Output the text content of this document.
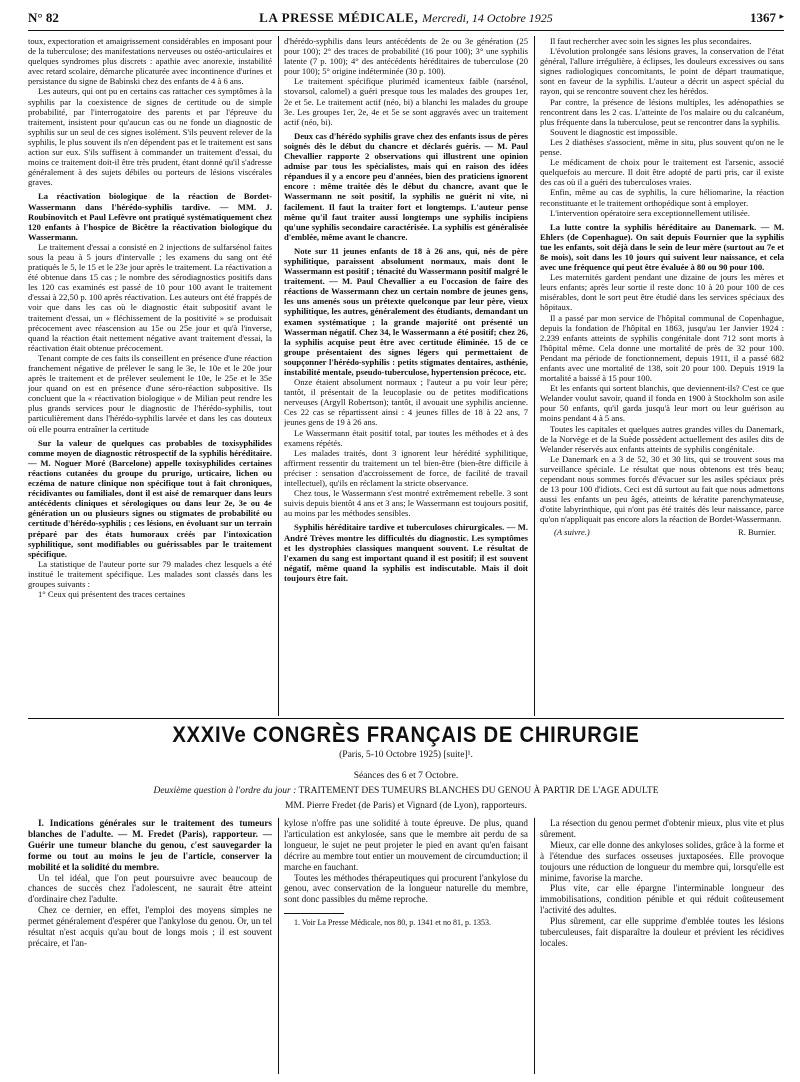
N° 82	LA PRESSE MÉDICALE, Mercredi, 14 Octobre 1925	1367 ▸

toux, expectoration et amaigrissement considérables en imposant pour de la tuberculose; des manifestations nerveuses ou ostéo-articulaires et quelques syndromes plus discrets : apathie avec anorexie, instabilité avec retard scolaire, démarche plicaturée avec incontinence d'urines et persistance du signe de Babinski chez des enfants de 4 à 6 ans.

Les auteurs, qui ont pu en certains cas rattacher ces symptômes à la syphilis par la coexistence de signes de certitude ou de simple probabilité, par l'interrogatoire des parents et par l'épreuve du traitement, insistent pour qu'aucun cas ou ne fonde un diagnostic de syphilis sur un seul de ces signes isolément. S'ils peuvent relever de la syphilis, le plus souvent ils n'en dépendent pas et le traitement est sans action sur eux. S'ils suffisent à commander un traitement d'essai, du moins ce traitement doit-il être très prudent, étant donné qu'il s'adresse généralement à des sujets débiles ou porteurs de lésions viscérales graves.

La réactivation biologique de la réaction de Bordet-Wassermann dans l'hérédo-syphilis tardive. — MM. J. Roubinovitch et Paul Lefèvre ont pratiqué systématiquement chez 120 enfants à l'hospice de Bicêtre la réactivation biologique du Wassermann.

Le traitement d'essai a consisté en 2 injections de sulfarsénol faites sous la peau à 5 jours d'intervalle ; les examens du sang ont été pratiqués le 5, le 15 et le 23e jour après le traitement. La réactivation a été obtenue dans 15 cas ; le nombre des sérodiagnostics positifs dans les 120 cas examinés est passé de 10 pour 100 avant le traitement d'essai à 22,50 p. 100 après réactivation. Les auteurs ont été frappés de voir que dans les cas où le diagnostic était subpositif avant le traitement d'essai, un « fléchissement de la positivité » se produisait précocement avec réascension au 15e ou 25e jour et qu'à l'inverse, quand la réaction était nettement négative avant traitement d'essai, la réactivation était obtenue précocement.

Tenant compte de ces faits ils conseillent en présence d'une réaction franchement négative de prélever le sang le 3e, le 10e et le 20e jour après le traitement et de prélever seulement le 10e, le 25e et le 35e jour quand on est en présence d'une séro-réaction subpositive. Ils concluent que la « réactivation biologique » de Milian peut rendre les plus grands services pour le diagnostic de l'hérédo-syphilis, tout particulièrement dans l'hérédo-syphilis larvée et dans les cas douteux où elle pourra entraîner la certitude

Sur la valeur de quelques cas probables de toxisyphilides comme moyen de diagnostic rétrospectif de la syphilis héréditaire. — M. Noguer Moré (Barcelone) appelle toxisyphilides certaines réactions cutanées du groupe du prurigo, urticaire, lichen ou eczéma de nature clinique non spécifique tout à fait chroniques, récidivantes ou familiales, dont il est aisé de remarquer dans leurs antécédents cliniques et sérologiques ou dans leur 2e, 3e ou 4e génération un ou plusieurs signes ou stigmates de probabilité ou certitude d'hérédo-syphilis ; ces lésions, en évoluant sur un terrain préparé par des états humoraux créés par l'intoxication syphilitique, sont modifiables ou guérissables par le traitement spécifique.

La statistique de l'auteur porte sur 79 malades chez lesquels a été institué le traitement spécifique. Les malades sont classés dans les groupes suivants :

1° Ceux qui présentent des traces certaines

d'hérédo-syphilis dans leurs antécédents de 2e ou 3e génération (25 pour 100); 2° des traces de probabilité (16 pour 100); 3° une syphilis latente (7 p. 100); 4° des antécédents héréditaires de tuberculose (20 pour 100); 5° origine indéterminée (30 p. 100).

Le traitement spécifique pluriméd icamenteux faible (narsénol, stovarsol, calomel) a guéri presque tous les malades des groupes 1er, 2e et 5e. Le traitement actif (néo, bi) a blanchi les malades du groupe 3e. Les groupes 1er, 2e, 4e et 5e se sont aggravés avec un traitement actif (néo, bi).

Deux cas d'hérédo syphilis grave chez des enfants issus de pères soignés dès le début du chancre et déclarés guéris. — M. Paul Chevallier rapporte 2 observations qui illustrent une opinion admise par tous les spécialistes, mais qui en raison des idées répandues il y a encore peu d'années, bien des praticiens ignorent encore : même traitée dès le début du chancre, avant que le Wassermann ne soit positif, la syphilis ne guérit ni vite, ni facilement. Il faut la traiter fort et longtemps. L'auteur pense même qu'il faut traiter aussi longtemps une syphilis incipiens qu'une syphilis secondaire caractérisée. La syphilis est généralisée d'emblée, même avant le chancre.

Note sur 11 jeunes enfants de 18 à 26 ans, qui, nés de père syphilitique, paraissent absolument normaux, mais dont le Wassermann est positif ; ténacité du Wassermann positif malgré le traitement. — M. Paul Chevallier a eu l'occasion de faire des réactions de Wassermann chez un certain nombre de jeunes gens, les uns amenés sous un prétexte quelconque par leur père, vieux syphilitique, les autres, généralement des étudiants, demandant un examen systématique ; la grande majorité ont présenté un Wasserman négatif. Chez 34, le Wassermann a été positif; chez 26, la syphilis acquise peut être avec certitude éliminée. 15 de ce groupe présentaient des signes légers qui permettaient de soupçonner l'hérédo-syphilis : petits stigmates dentaires, asthénie, instabilité mentale, pseudo-tuberculose, hypertension précoce, etc.

Onze étaient absolument normaux ; l'auteur a pu voir leur père; tantôt, il présentait de la leucoplasie ou de petites modifications nerveuses (Argyll Robertson); tantôt, il avouait une syphilis ancienne. Ces 22 cas se répartissent ainsi : 4 jeunes filles de 18 à 22 ans, 7 jeunes gens de 19 à 26 ans.

Le Wassermann était positif total, par toutes les méthodes et à des examens répétés.

Les malades traités, dont 3 ignorent leur hérédité syphilitique, affirment ressentir du traitement un tel bien-être (bien-être difficile à préciser : sensation d'accroissement de force, de facilité de travail intellectuel), qu'ils en réclament la stricte observance.

Chez tous, le Wassermann s'est montré extrêmement rebelle. 3 sont suivis depuis bientôt 4 ans et 3 ans; le Wassermann est toujours positif, au moins par les méthodes sensibles.

Syphilis héréditaire tardive et tuberculoses chirurgicales. — M. André Trèves montre les difficultés du diagnostic. Les symptômes et les dystrophies classiques manquent souvent. Le résultat de l'examen du sang est important quand il est positif; il est souvent négatif, même quand la syphilis est indiscutable. Mais il doit toujours être fait.

Il faut rechercher avec soin les signes les plus secondaires.

L'évolution prolongée sans lésions graves, la conservation de l'état général, l'allure irrégulière, à éclipses, les douleurs excessives ou sans signes radiologiques concomitants, le point de départ traumatique, sont en faveur de la syphilis. L'auteur a décrit un aspect spécial du rayon, qui se rencontre souvent chez les hérédos.

Par contre, la présence de lésions multiples, les adénopathies se rencontrent dans les 2 cas. L'atteinte de l'os malaire ou du calcanéum, plus fréquente dans la tuberculose, peut se rencontrer dans la syphilis.

Souvent le diagnostic est impossible.

Les 2 diathèses s'associent, même in situ, plus souvent qu'on ne le pense.

Le médicament de choix pour le traitement est l'arsenic, associé quelquefois au mercure. Il doit être adopté de parti pris, car il existe des cas où il a guéri des tuberculoses vraies.

Enfin, même au cas de syphilis, la cure héliomarine, la réaction reconstituante et le traitement orthopédique sont à employer.

L'intervention opératoire sera exceptionnellement utilisée.

La lutte contre la syphilis héréditaire au Danemark. — M. Ehlers (de Copenhague). On sait depuis Fournier que la syphilis tue les enfants, soit déjà dans le sein de leur mère (surtout au 7e et 8e mois), soit dans les 10 jours qui suivent leur naissance, et cela avec une fréquence qui peut être évaluée à 80 ou 90 pour 100.

Les maternités gardent pendant une dizaine de jours les mères et leurs enfants; après leur sortie il reste donc 10 à 20 pour 100 de ces misérables, dont le sort peut être étudié dans les services spéciaux des hôpitaux.

Il a passé par mon service de l'hôpital communal de Copenhague, depuis la fondation de l'hôpital en 1863, jusqu'au 1er Janvier 1924 : 2.239 enfants atteints de syphilis congénitale dont 712 sont morts à l'hôpital même. Cela donne une mortalité de près de 32 pour 100. Pendant ma période de fonctionnement, depuis 1911, il a passé 682 enfants avec une mortalité de 138, soit 20 pour 100. Depuis 1919 la mortalité a baissé à 15 pour 100.

Et les enfants qui sortent blanchis, que deviennent-ils? C'est ce que Welander voulut savoir, quand il fonda en 1900 à Stockholm son asile pour 50 enfants, qu'il garda jusqu'à leur mort ou leur guérison au moins pendant 4 à 5 ans.

Toutes les capitales et quelques autres grandes villes du Danemark, de la Norvège et de la Suède possèdent actuellement des asiles dits de Welander réservés aux enfants atteints de syphilis congénitale.

Le Danemark en a 3 de 52, 30 et 30 lits, qui se trouvent sous ma surveillance spéciale. Le résultat que nous obtenons est très beau; cependant nous sommes forcés d'évacuer sur les asiles spéciaux près de 13 pour 100 d'idiots. Ceci est dû surtout au fait que nous admettons aussi les enfants un peu âgés, atteints de kératite parenchymateuse, d'otite labyrinthique, qui n'ont pas été traités dès leur naissance, parce qu'on n'appliquait pas encore alors la réaction de Bordet-Wassermann.

(A suivre.)	R. Burnier.
XXXIVe CONGRÈS FRANÇAIS DE CHIRURGIE
(Paris, 5-10 Octobre 1925) [suite]¹.
Séances des 6 et 7 Octobre.
Deuxième question à l'ordre du jour : TRAITEMENT DES TUMEURS BLANCHES DU GENOU À PARTIR DE L'AGE ADULTE
MM. Pierre Fredet (de Paris) et Vignard (de Lyon), rapporteurs.

I. Indications générales sur le traitement des tumeurs blanches de l'adulte. — M. Fredet (Paris), rapporteur. — Guérir une tumeur blanche du genou, c'est sauvegarder la forme ou tout au moins le jeu de l'article, conserver la mobilité et la solidité du membre.

Un tel idéal, que l'on peut poursuivre avec beaucoup de chances de succès chez l'adolescent, ne saurait être atteint d'ordinaire chez l'adulte.

Chez ce dernier, en effet, l'emploi des moyens simples ne permet généralement d'espérer que l'ankylose du genou. Or, un tel résultat n'est acquis qu'au bout de longs mois ; il est souvent précaire, et l'an-

kylose n'offre pas une solidité à toute épreuve. De plus, quand l'articulation est ankylosée, sans que le membre ait perdu de sa longueur, le sujet ne peut projeter le pied en avant qu'en faisant décrire au membre tout entier un mouvement de circumduction; il marche en fauchant.

Toutes les méthodes thérapeutiques qui procurent l'ankylose du genou, avec conservation de la longueur naturelle du membre, sont donc passibles du même reproche.

1. Voir La Presse Médicale, nos 80, p. 1341 et no 81, p. 1353.

La résection du genou permet d'obtenir mieux, plus vite et plus sûrement.

Mieux, car elle donne des ankyloses solides, grâce à la forme et à l'étendue des surfaces osseuses juxtaposées. Elle provoque toujours une réduction de longueur du membre qui, lorsqu'elle est minime, favorise la marche.

Plus vite, car elle épargne l'interminable longueur des immobilisations, condition pénible et qui réduit coûteusement l'activité des adultes.

Plus sûrement, car elle supprime d'emblée toutes les lésions tuberculeuses, fait disparaître la douleur et prévient les récidives locales.
